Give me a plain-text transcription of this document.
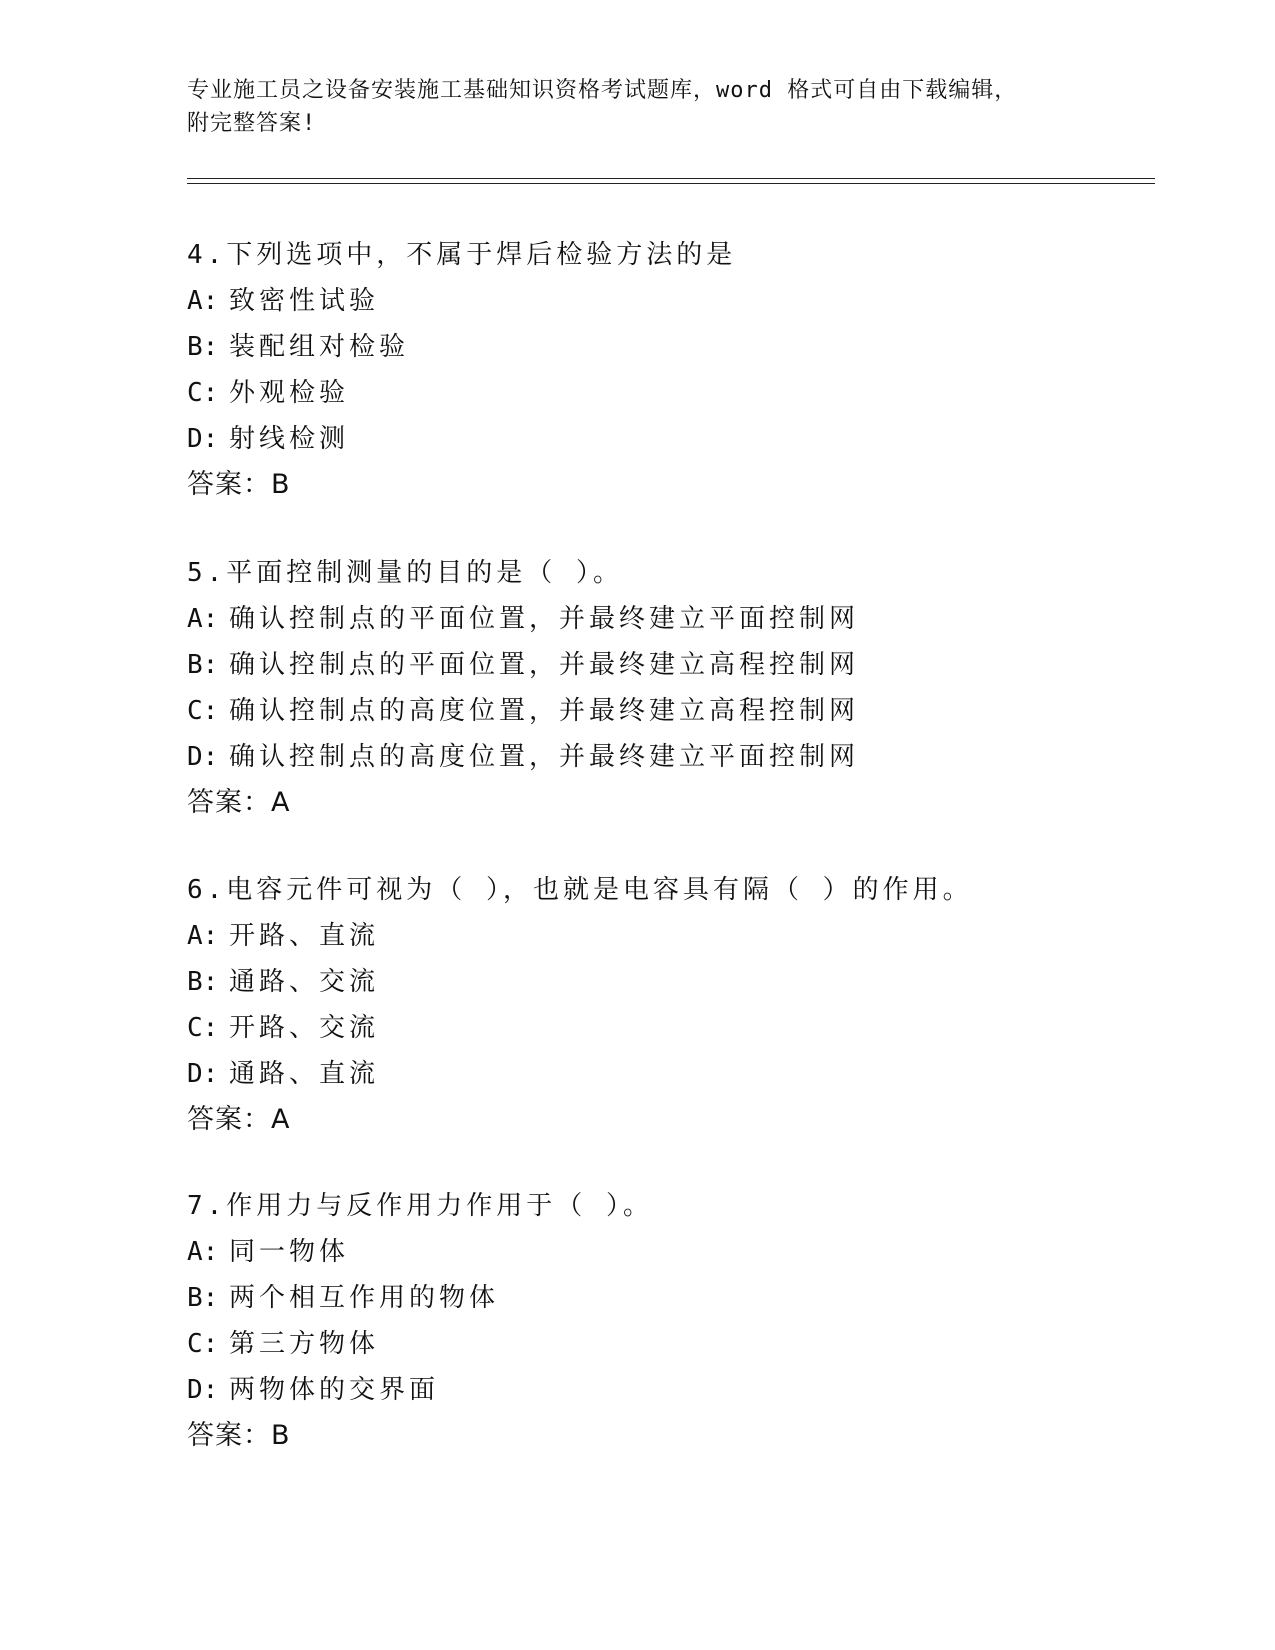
专业施工员之设备安装施工基础知识资格考试题库，word 格式可自由下载编辑，
附完整答案!
4.下列选项中，不属于焊后检验方法的是
A: 致密性试验
B: 装配组对检验
C: 外观检验
D: 射线检测
答案：B
5.平面控制测量的目的是（ ）。
A: 确认控制点的平面位置，并最终建立平面控制网
B: 确认控制点的平面位置，并最终建立高程控制网
C: 确认控制点的高度位置，并最终建立高程控制网
D: 确认控制点的高度位置，并最终建立平面控制网
答案：A
6.电容元件可视为（ ），也就是电容具有隔（ ）的作用。
A: 开路、直流
B: 通路、交流
C: 开路、交流
D: 通路、直流
答案：A
7.作用力与反作用力作用于（ ）。
A: 同一物体
B: 两个相互作用的物体
C: 第三方物体
D: 两物体的交界面
答案：B
